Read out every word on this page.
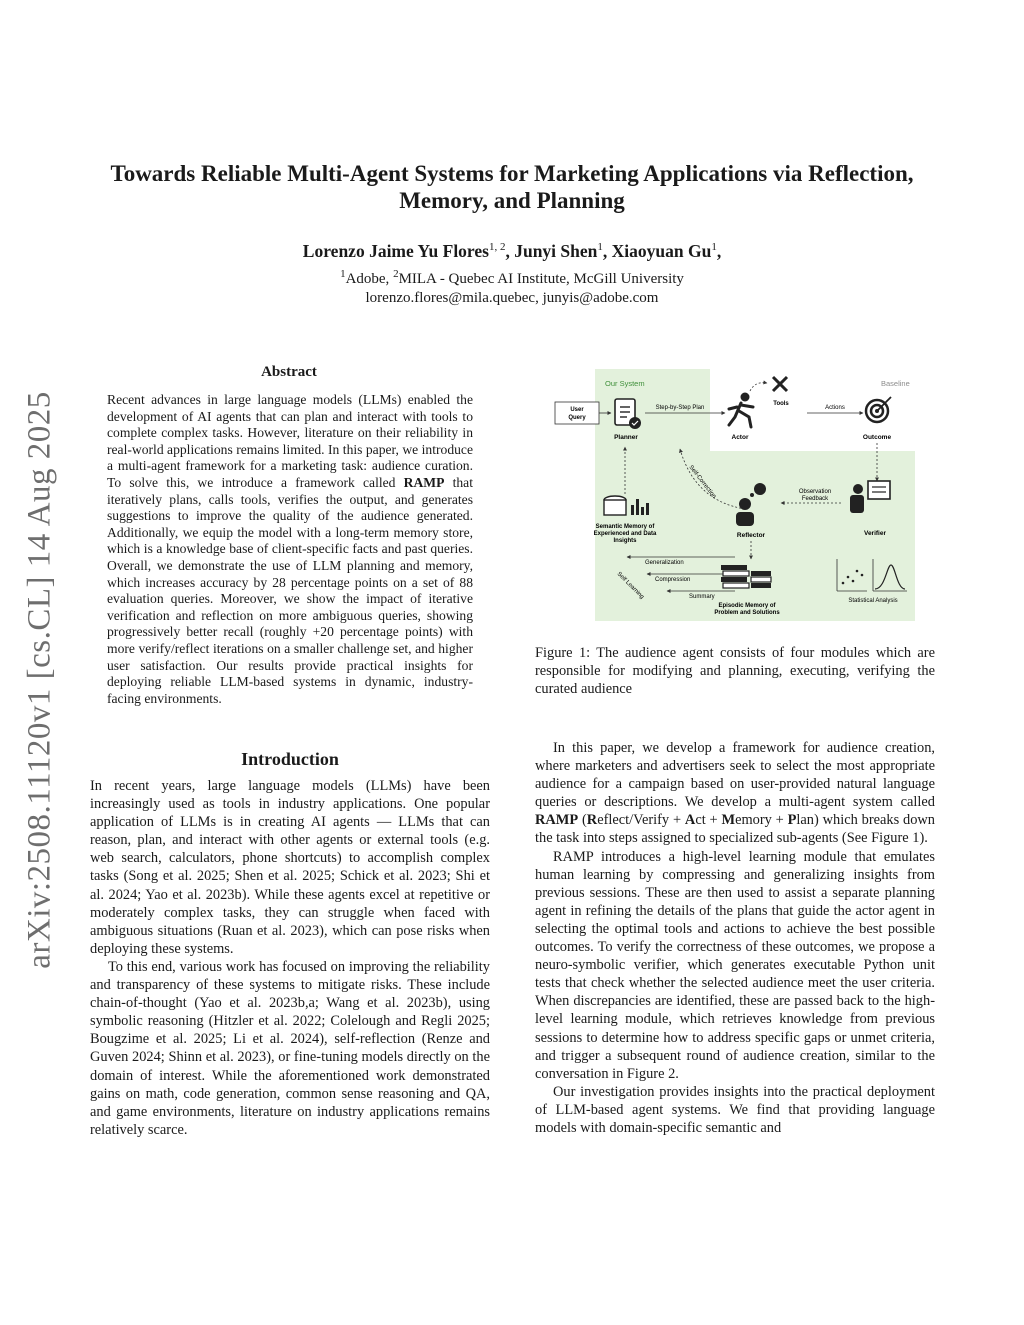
arXiv:2508.11120v1 [cs.CL] 14 Aug 2025
Towards Reliable Multi-Agent Systems for Marketing Applications via Reflection,
Memory, and Planning
Lorenzo Jaime Yu Flores$^{1, 2}$, Junyi Shen$^1$, Xiaoyuan Gu$^1$,
$^1$Adobe, $^2$MILA - Quebec AI Institute, McGill University
lorenzo.flores@mila.quebec, junyis@adobe.com
Abstract
Recent advances in large language models (LLMs) enabled the development of AI agents that can plan and interact with tools to complete complex tasks. However, literature on their reliability in real-world applications remains limited. In this paper, we introduce a multi-agent framework for a marketing task: audience curation. To solve this, we introduce a framework called RAMP that iteratively plans, calls tools, verifies the output, and generates suggestions to improve the quality of the audience generated. Additionally, we equip the model with a long-term memory store, which is a knowledge base of client-specific facts and past queries. Overall, we demonstrate the use of LLM planning and memory, which increases accuracy by 28 percentage points on a set of 88 evaluation queries. Moreover, we show the impact of iterative verification and reflection on more ambiguous queries, showing progressively better recall (roughly +20 percentage points) with more verify/reflect iterations on a smaller challenge set, and higher user satisfaction. Our results provide practical insights for deploying reliable LLM-based systems in dynamic, industry-facing environments.
Introduction

In recent years, large language models (LLMs) have been increasingly used as tools in industry applications. One popular application of LLMs is in creating AI agents — LLMs that can reason, plan, and interact with other agents or external tools (e.g. web search, calculators, phone shortcuts) to accomplish complex tasks (Song et al. 2025; Shen et al. 2025; Schick et al. 2023; Shi et al. 2024; Yao et al. 2023b). While these agents excel at repetitive or moderately complex tasks, they can struggle when faced with ambiguous situations (Ruan et al. 2023), which can pose risks when deploying these systems.

To this end, various work has focused on improving the reliability and transparency of these systems to mitigate risks. These include chain-of-thought (Yao et al. 2023b,a; Wang et al. 2023b), using symbolic reasoning (Hitzler et al. 2022; Colelough and Regli 2025; Bougzime et al. 2025; Li et al. 2024), self-reflection (Renze and Guven 2024; Shinn et al. 2023), or fine-tuning models directly on the domain of interest. While the aforementioned work demonstrated gains on math, code generation, common sense reasoning and QA, and game environments, literature on industry applications remains relatively scarce.

Our System	Baseline
User
Query
Planner
Step-by-Step Plan
Actor
Tools
Actions
Outcome
Self-Correction
Verifier
Observation
Feedback
Reflector
Semantic Memory of
Experienced and Data
Insights
Generalization
Compression
Summary
Self Learning
Episodic Memory of
Problem and Solutions
Statistical Analysis
Figure 1: The audience agent consists of four modules which are responsible for modifying and planning, executing, verifying the curated audience

In this paper, we develop a framework for audience creation, where marketers and advertisers seek to select the most appropriate audience for a campaign based on user-provided natural language queries or descriptions. We develop a multi-agent system called RAMP (Reflect/Verify + Act + Memory + Plan) which breaks down the task into steps assigned to specialized sub-agents (See Figure 1).

RAMP introduces a high-level learning module that emulates human learning by compressing and generalizing insights from previous sessions. These are then used to assist a separate planning agent in refining the details of the plans that guide the actor agent in selecting the optimal tools and actions to achieve the best possible outcomes. To verify the correctness of these outcomes, we propose a neuro-symbolic verifier, which generates executable Python unit tests that check whether the selected audience meet the user criteria. When discrepancies are identified, these are passed back to the high-level learning module, which retrieves knowledge from previous sessions to determine how to address specific gaps or unmet criteria, and trigger a subsequent round of audience creation, similar to the conversation in Figure 2.

Our investigation provides insights into the practical deployment of LLM-based agent systems. We find that providing language models with domain-specific semantic and
